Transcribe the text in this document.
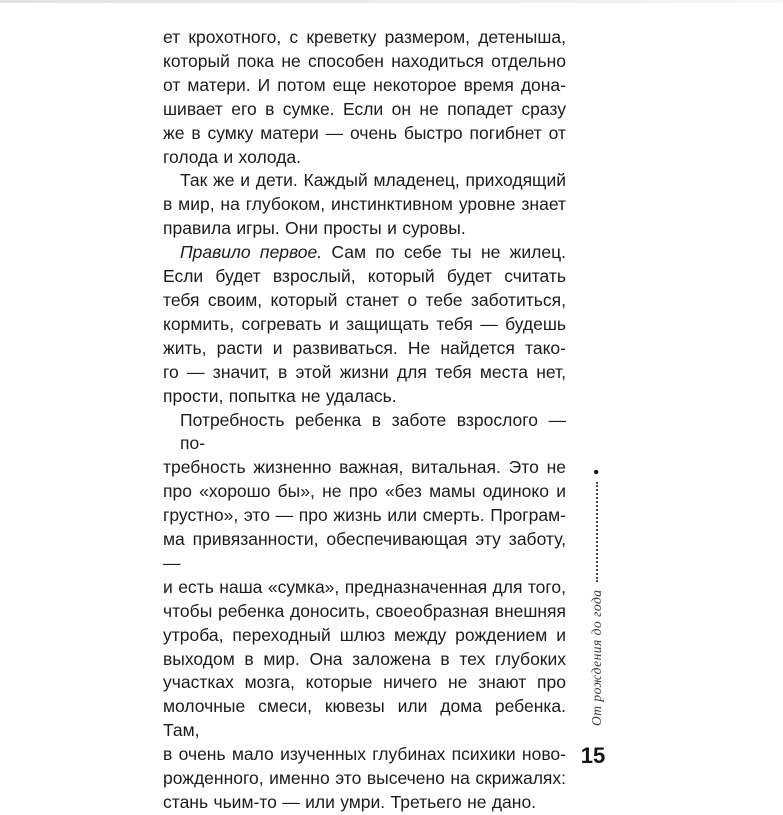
ет крохотного, с креветку размером, детеныша,
который пока не способен находиться отдельно
от матери. И потом еще некоторое время дона-
шивает его в сумке. Если он не попадет сразу
же в сумку матери — очень быстро погибнет от
голода и холода.
Так же и дети. Каждый младенец, приходящий
в мир, на глубоком, инстинктивном уровне знает
правила игры. Они просты и суровы.
Правило первое. Сам по себе ты не жилец.
Если будет взрослый, который будет считать
тебя своим, который станет о тебе заботиться,
кормить, согревать и защищать тебя — будешь
жить, расти и развиваться. Не найдется тако-
го — значит, в этой жизни для тебя места нет,
прости, попытка не удалась.
Потребность ребенка в заботе взрослого — по-
требность жизненно важная, витальная. Это не
про «хорошо бы», не про «без мамы одиноко и
грустно», это — про жизнь или смерть. Програм-
ма привязанности, обеспечивающая эту заботу, —
и есть наша «сумка», предназначенная для того,
чтобы ребенка доносить, своеобразная внешняя
утроба, переходный шлюз между рождением и
выходом в мир. Она заложена в тех глубоких
участках мозга, которые ничего не знают про
молочные смеси, кювезы или дома ребенка. Там,
в очень мало изученных глубинах психики ново-
рожденного, именно это высечено на скрижалях:
стань чьим-то — или умри. Третьего не дано.
От рождения до года
●
15
